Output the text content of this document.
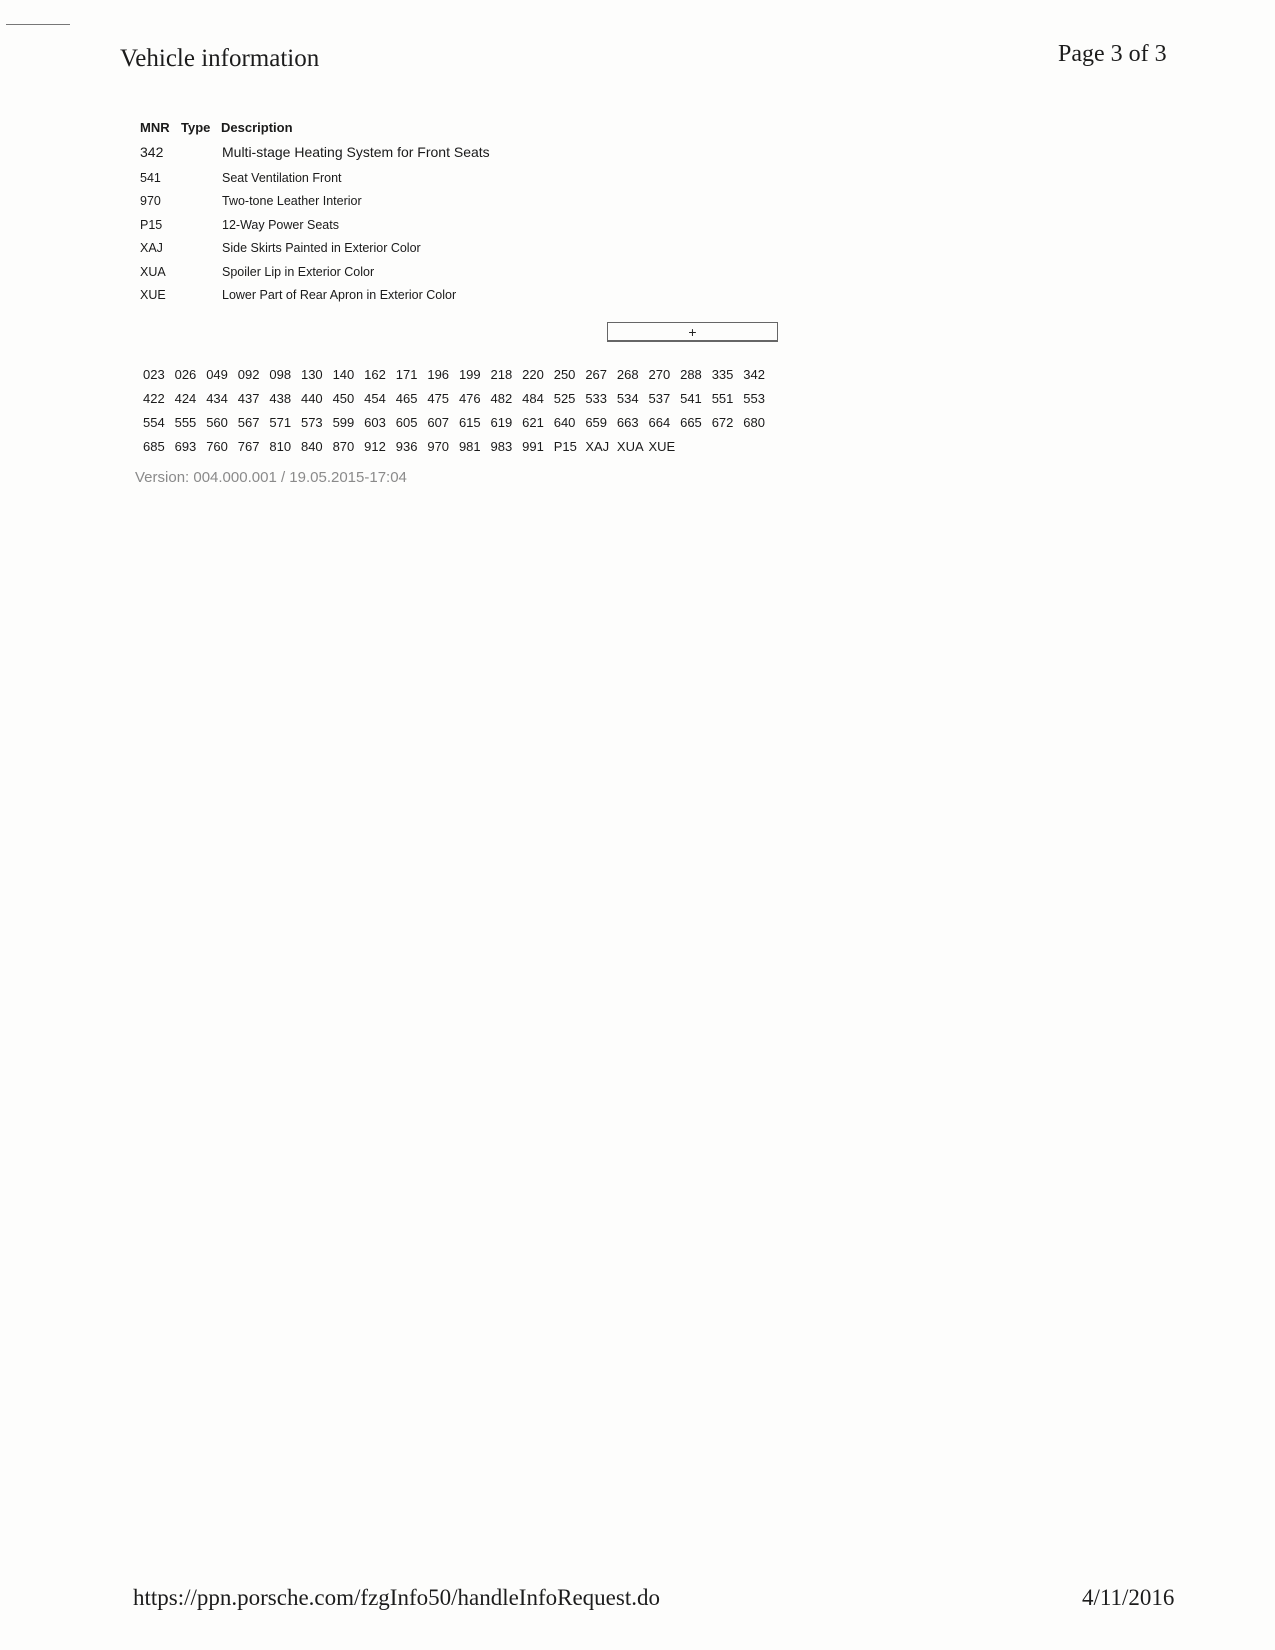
Vehicle information	Page 3 of 3
MNR Type Description
342	Multi-stage Heating System for Front Seats
541	Seat Ventilation Front
970	Two-tone Leather Interior
P15	12-Way Power Seats
XAJ	Side Skirts Painted in Exterior Color
XUA	Spoiler Lip in Exterior Color
XUE	Lower Part of Rear Apron in Exterior Color
+
023 026 049 092 098 130 140 162 171 196 199 218 220 250 267 268 270 288 335 342
422 424 434 437 438 440 450 454 465 475 476 482 484 525 533 534 537 541 551 553
554 555 560 567 571 573 599 603 605 607 615 619 621 640 659 663 664 665 672 680
685 693 760 767 810 840 870 912 936 970 981 983 991 P15 XAJ XUA XUE
Version: 004.000.001 / 19.05.2015-17:04
https://ppn.porsche.com/fzgInfo50/handleInfoRequest.do	4/11/2016
